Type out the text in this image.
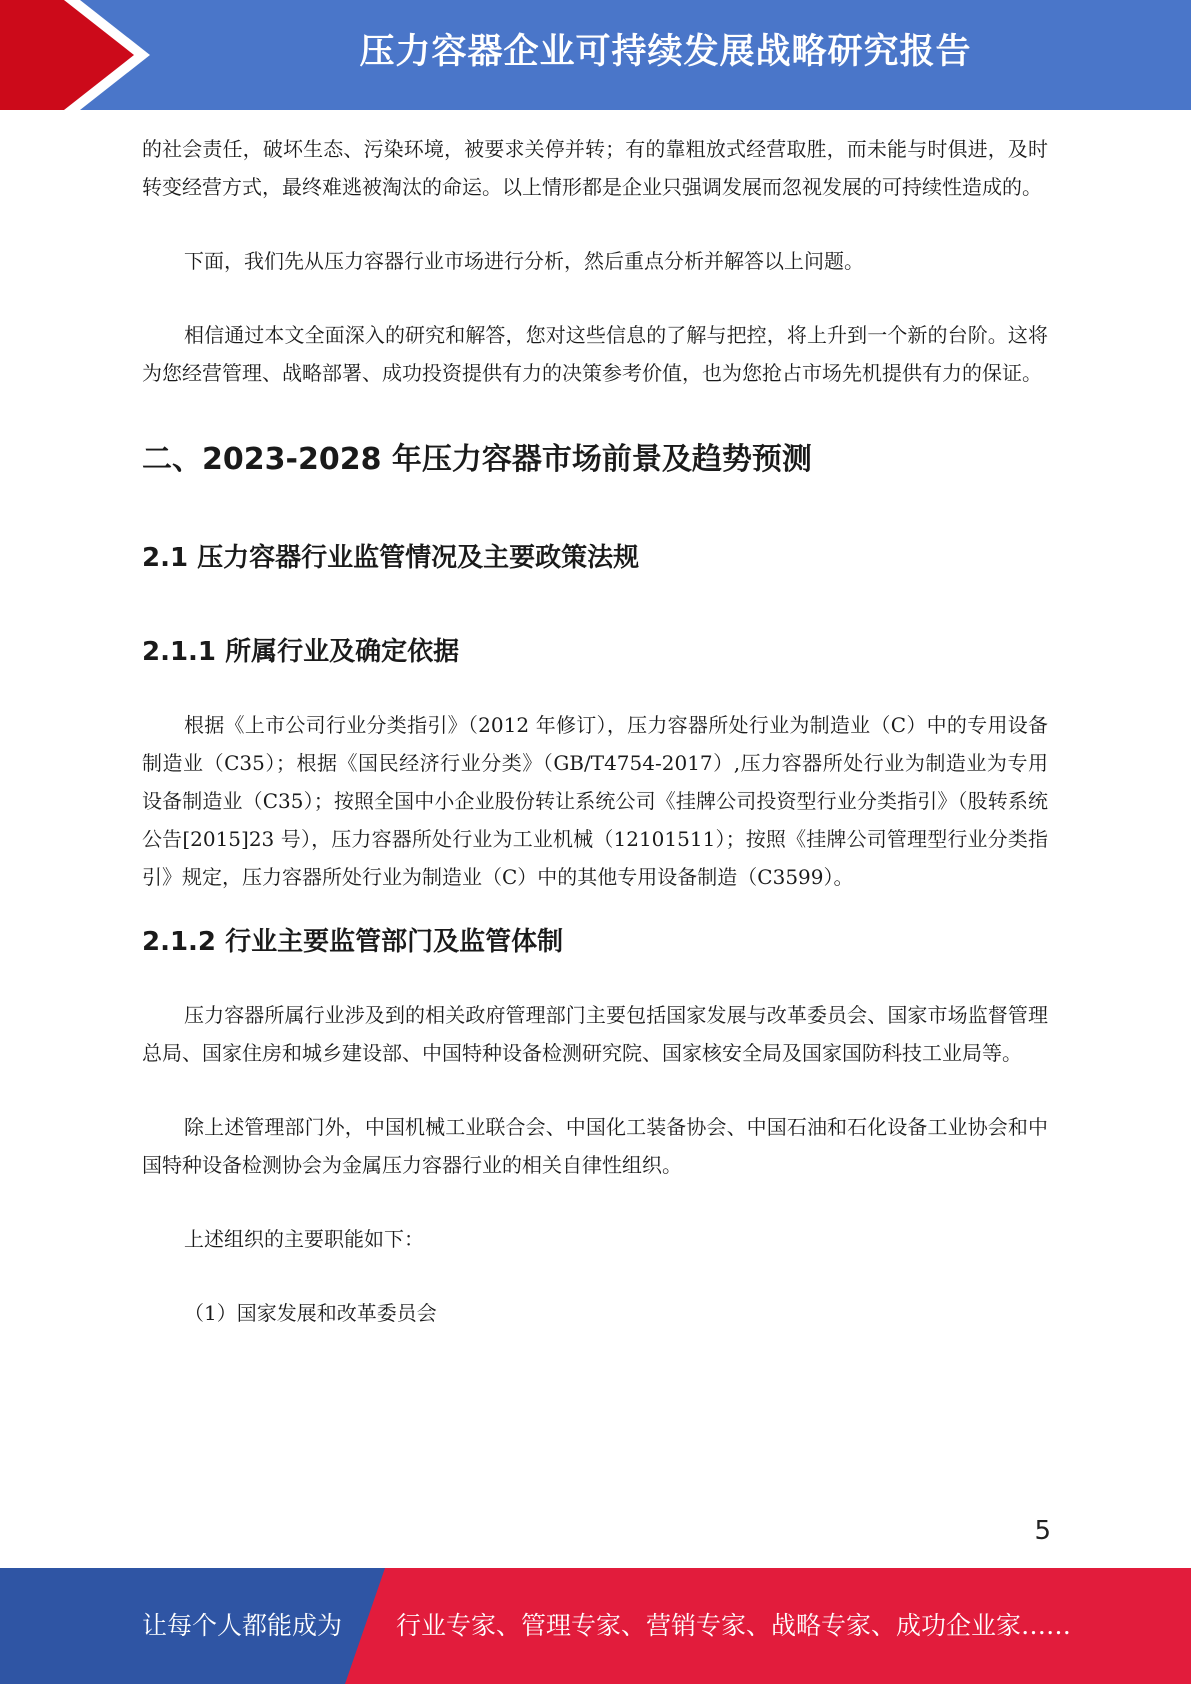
压力容器企业可持续发展战略研究报告

的社会责任，破坏生态、污染环境，被要求关停并转；有的靠粗放式经营取胜，而未能与时俱进，及时转变经营方式，最终难逃被淘汰的命运。以上情形都是企业只强调发展而忽视发展的可持续性造成的。

下面，我们先从压力容器行业市场进行分析，然后重点分析并解答以上问题。

相信通过本文全面深入的研究和解答，您对这些信息的了解与把控，将上升到一个新的台阶。这将为您经营管理、战略部署、成功投资提供有力的决策参考价值，也为您抢占市场先机提供有力的保证。

二、2023-2028 年压力容器市场前景及趋势预测
2.1 压力容器行业监管情况及主要政策法规
2.1.1 所属行业及确定依据

根据《上市公司行业分类指引》（2012 年修订），压力容器所处行业为制造业（C）中的专用设备制造业（C35）；根据《国民经济行业分类》（GB/T4754-2017）,压力容器所处行业为制造业为专用设备制造业（C35）；按照全国中小企业股份转让系统公司《挂牌公司投资型行业分类指引》（股转系统公告[2015]23 号），压力容器所处行业为工业机械（12101511）；按照《挂牌公司管理型行业分类指引》规定，压力容器所处行业为制造业（C）中的其他专用设备制造（C3599）。

2.1.2 行业主要监管部门及监管体制

压力容器所属行业涉及到的相关政府管理部门主要包括国家发展与改革委员会、国家市场监督管理总局、国家住房和城乡建设部、中国特种设备检测研究院、国家核安全局及国家国防科技工业局等。

除上述管理部门外，中国机械工业联合会、中国化工装备协会、中国石油和石化设备工业协会和中国特种设备检测协会为金属压力容器行业的相关自律性组织。

上述组织的主要职能如下：

（1）国家发展和改革委员会

5
让每个人都能成为 行业专家、管理专家、营销专家、战略专家、成功企业家……
